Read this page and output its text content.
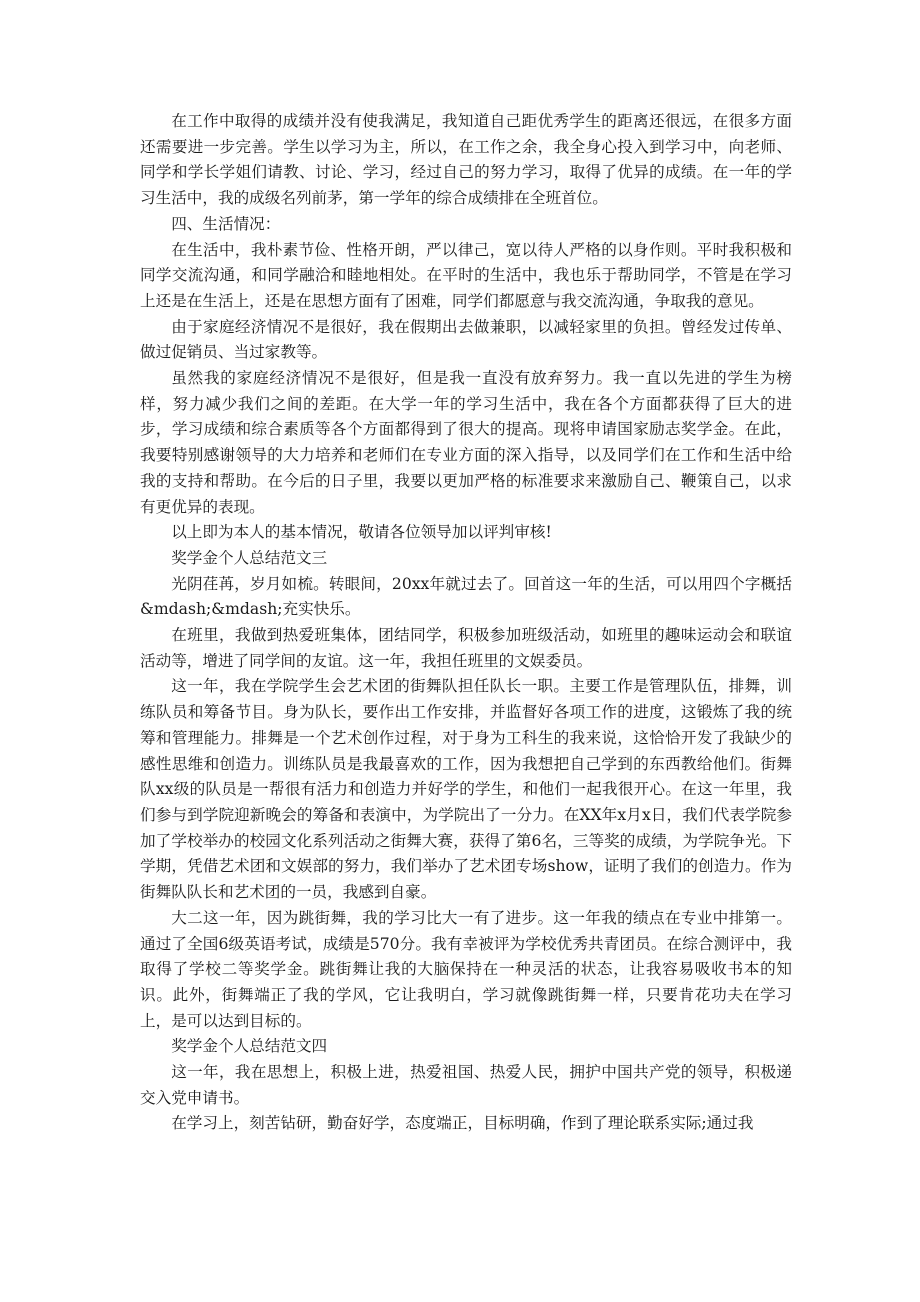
在工作中取得的成绩并没有使我满足，我知道自己距优秀学生的距离还很远，在很多方面还需要进一步完善。学生以学习为主，所以，在工作之余，我全身心投入到学习中，向老师、同学和学长学姐们请教、讨论、学习，经过自己的努力学习，取得了优异的成绩。在一年的学习生活中，我的成级名列前茅，第一学年的综合成绩排在全班首位。

四、生活情况：

在生活中，我朴素节俭、性格开朗，严以律己，宽以待人严格的以身作则。平时我积极和同学交流沟通，和同学融洽和睦地相处。在平时的生活中，我也乐于帮助同学，不管是在学习上还是在生活上，还是在思想方面有了困难，同学们都愿意与我交流沟通，争取我的意见。

由于家庭经济情况不是很好，我在假期出去做兼职，以减轻家里的负担。曾经发过传单、做过促销员、当过家教等。

虽然我的家庭经济情况不是很好，但是我一直没有放弃努力。我一直以先进的学生为榜样，努力减少我们之间的差距。在大学一年的学习生活中，我在各个方面都获得了巨大的进步，学习成绩和综合素质等各个方面都得到了很大的提高。现将申请国家励志奖学金。在此，我要特别感谢领导的大力培养和老师们在专业方面的深入指导，以及同学们在工作和生活中给我的支持和帮助。在今后的日子里，我要以更加严格的标准要求来激励自己、鞭策自己，以求有更优异的表现。

以上即为本人的基本情况，敬请各位领导加以评判审核!

奖学金个人总结范文三

光阴荏苒，岁月如梳。转眼间，20xx年就过去了。回首这一年的生活，可以用四个字概括&mdash;&mdash;充实快乐。

在班里，我做到热爱班集体，团结同学，积极参加班级活动，如班里的趣味运动会和联谊活动等，增进了同学间的友谊。这一年，我担任班里的文娱委员。

这一年，我在学院学生会艺术团的街舞队担任队长一职。主要工作是管理队伍，排舞，训练队员和筹备节目。身为队长，要作出工作安排，并监督好各项工作的进度，这锻炼了我的统筹和管理能力。排舞是一个艺术创作过程，对于身为工科生的我来说，这恰恰开发了我缺少的感性思维和创造力。训练队员是我最喜欢的工作，因为我想把自己学到的东西教给他们。街舞队xx级的队员是一帮很有活力和创造力并好学的学生，和他们一起我很开心。在这一年里，我们参与到学院迎新晚会的筹备和表演中，为学院出了一分力。在XX年x月x日，我们代表学院参加了学校举办的校园文化系列活动之街舞大赛，获得了第6名，三等奖的成绩，为学院争光。下学期，凭借艺术团和文娱部的努力，我们举办了艺术团专场show，证明了我们的创造力。作为街舞队队长和艺术团的一员，我感到自豪。

大二这一年，因为跳街舞，我的学习比大一有了进步。这一年我的绩点在专业中排第一。通过了全国6级英语考试，成绩是570分。我有幸被评为学校优秀共青团员。在综合测评中，我取得了学校二等奖学金。跳街舞让我的大脑保持在一种灵活的状态，让我容易吸收书本的知识。此外，街舞端正了我的学风，它让我明白，学习就像跳街舞一样，只要肯花功夫在学习上，是可以达到目标的。

奖学金个人总结范文四

这一年，我在思想上，积极上进，热爱祖国、热爱人民，拥护中国共产党的领导，积极递交入党申请书。

在学习上，刻苦钻研，勤奋好学，态度端正，目标明确，作到了理论联系实际;通过我
